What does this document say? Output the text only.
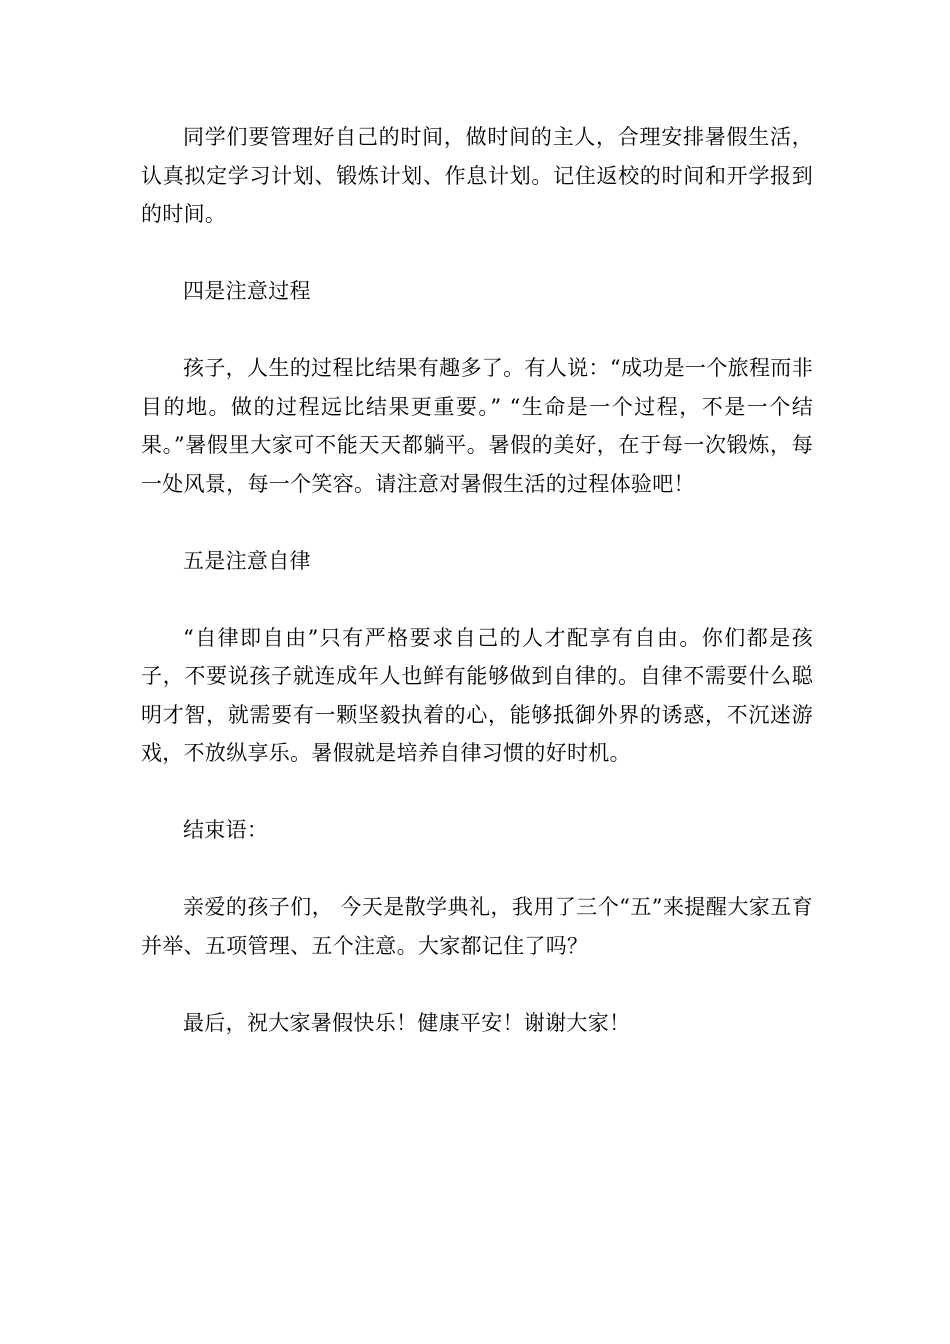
同学们要管理好自己的时间，做时间的主人，合理安排暑假生活，认真拟定学习计划、锻炼计划、作息计划。记住返校的时间和开学报到的时间。

四是注意过程

孩子，人生的过程比结果有趣多了。有人说：“成功是一个旅程而非目的地。做的过程远比结果更重要。” “生命是一个过程，不是一个结果。”暑假里大家可不能天天都躺平。暑假的美好，在于每一次锻炼，每一处风景，每一个笑容。请注意对暑假生活的过程体验吧！

五是注意自律

“自律即自由”只有严格要求自己的人才配享有自由。你们都是孩子，不要说孩子就连成年人也鲜有能够做到自律的。自律不需要什么聪明才智，就需要有一颗坚毅执着的心，能够抵御外界的诱惑，不沉迷游戏，不放纵享乐。暑假就是培养自律习惯的好时机。

结束语：

亲爱的孩子们， 今天是散学典礼，我用了三个“五”来提醒大家五育并举、五项管理、五个注意。大家都记住了吗？

最后，祝大家暑假快乐！健康平安！谢谢大家！
